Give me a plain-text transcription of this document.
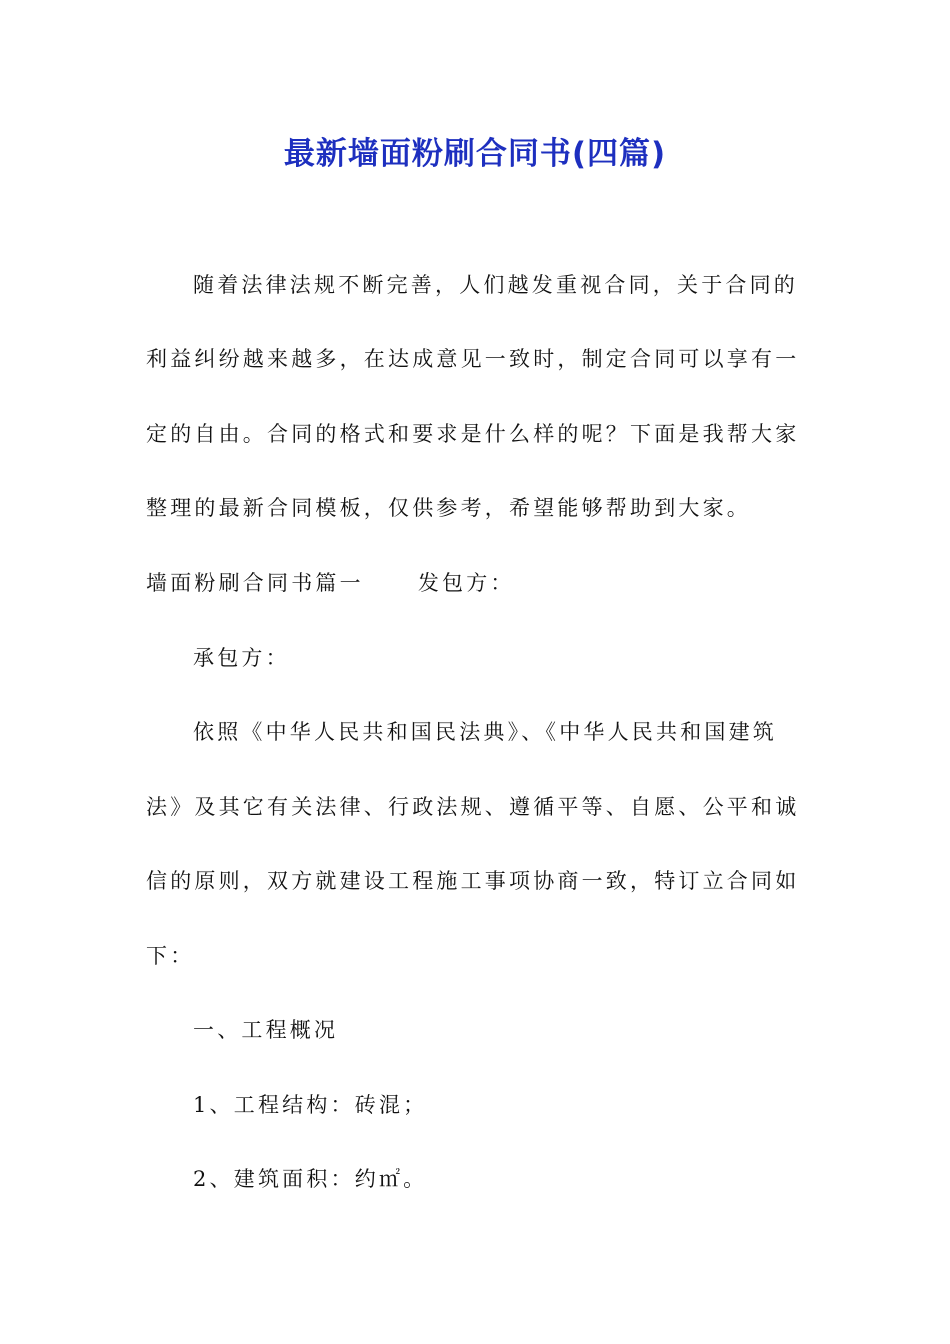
最新墙面粉刷合同书(四篇)
随着法律法规不断完善，人们越发重视合同，关于合同的
利益纠纷越来越多，在达成意见一致时，制定合同可以享有一
定的自由。合同的格式和要求是什么样的呢？下面是我帮大家
整理的最新合同模板，仅供参考，希望能够帮助到大家。
墙面粉刷合同书篇一	发包方：
承包方：
依照《中华人民共和国民法典》、《中华人民共和国建筑
法》及其它有关法律、行政法规、遵循平等、自愿、公平和诚
信的原则，双方就建设工程施工事项协商一致，特订立合同如
下：
一、工程概况
1、工程结构：砖混；
2、建筑面积：约㎡。
